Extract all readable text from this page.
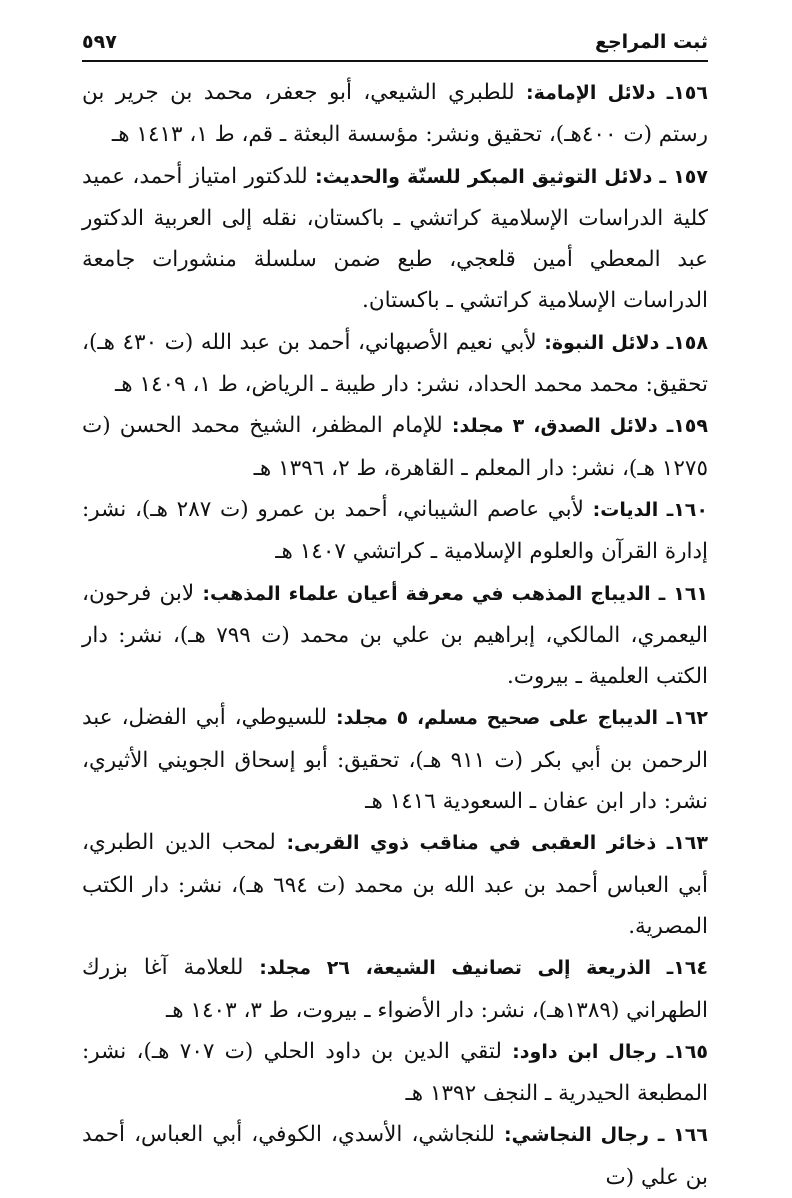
ثبت المراجع
٥٩٧

١٥٦ـ دلائل الإمامة: للطبري الشيعي، أبو جعفر، محمد بن جرير بن رستم (ت ٤٠٠هـ)، تحقيق ونشر: مؤسسة البعثة ـ قم، ط ١، ١٤١٣ هـ

١٥٧ ـ دلائل التوثيق المبكر للسنّة والحديث: للدكتور امتياز أحمد، عميد كلية الدراسات الإسلامية كراتشي ـ باكستان، نقله إلى العربية الدكتور عبد المعطي أمين قلعجي، طبع ضمن سلسلة منشورات جامعة الدراسات الإسلامية كراتشي ـ باكستان.

١٥٨ـ دلائل النبوة: لأبي نعيم الأصبهاني، أحمد بن عبد الله (ت ٤٣٠ هـ)، تحقيق: محمد محمد الحداد، نشر: دار طيبة ـ الرياض، ط ١، ١٤٠٩ هـ

١٥٩ـ دلائل الصدق، ٣ مجلد: للإمام المظفر، الشيخ محمد الحسن (ت ١٢٧٥ هـ)، نشر: دار المعلم ـ القاهرة، ط ٢، ١٣٩٦ هـ

١٦٠ـ الديات: لأبي عاصم الشيباني، أحمد بن عمرو (ت ٢٨٧ هـ)، نشر: إدارة القرآن والعلوم الإسلامية ـ كراتشي ١٤٠٧ هـ

١٦١ ـ الديباج المذهب في معرفة أعيان علماء المذهب: لابن فرحون، اليعمري، المالكي، إبراهيم بن علي بن محمد (ت ٧٩٩ هـ)، نشر: دار الكتب العلمية ـ بيروت.

١٦٢ـ الديباج على صحيح مسلم، ٥ مجلد: للسيوطي، أبي الفضل، عبد الرحمن بن أبي بكر (ت ٩١١ هـ)، تحقيق: أبو إسحاق الجويني الأثيري، نشر: دار ابن عفان ـ السعودية ١٤١٦ هـ

١٦٣ـ ذخائر العقبى في مناقب ذوي القربى: لمحب الدين الطبري، أبي العباس أحمد بن عبد الله بن محمد (ت ٦٩٤ هـ)، نشر: دار الكتب المصرية.

١٦٤ـ الذريعة إلى تصانيف الشيعة، ٢٦ مجلد: للعلامة آغا بزرك الطهراني (١٣٨٩هـ)، نشر: دار الأضواء ـ بيروت، ط ٣، ١٤٠٣ هـ

١٦٥ـ رجال ابن داود: لتقي الدين بن داود الحلي (ت ٧٠٧ هـ)، نشر: المطبعة الحيدرية ـ النجف ١٣٩٢ هـ

١٦٦ ـ رجال النجاشي: للنجاشي، الأسدي، الكوفي، أبي العباس، أحمد بن علي (ت
